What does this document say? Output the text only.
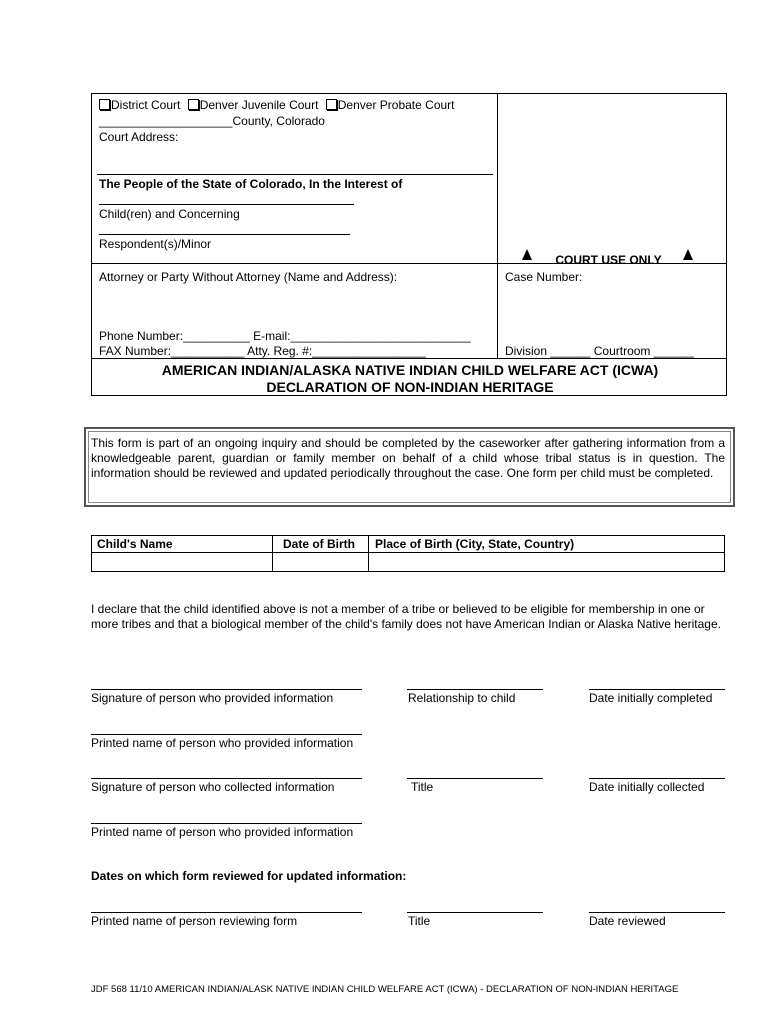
District Court Denver Juvenile Court Denver Probate Court
____________________County, Colorado
Court Address:
The People of the State of Colorado, In the Interest of
Child(ren) and Concerning
Respondent(s)/Minor
COURT USE ONLY
Attorney or Party Without Attorney (Name and Address):	Case Number:
Phone Number:__________ E-mail:___________________________
FAX Number:___________ Atty. Reg. #:_________________	Division ______ Courtroom ______
AMERICAN INDIAN/ALASKA NATIVE INDIAN CHILD WELFARE ACT (ICWA)
DECLARATION OF NON-INDIAN HERITAGE
This form is part of an ongoing inquiry and should be completed by the caseworker after gathering information from a knowledgeable parent, guardian or family member on behalf of a child whose tribal status is in question. The information should be reviewed and updated periodically throughout the case. One form per child must be completed.
Child's Name	Date of Birth	Place of Birth (City, State, Country)
I declare that the child identified above is not a member of a tribe or believed to be eligible for membership in one or more tribes and that a biological member of the child's family does not have American Indian or Alaska Native heritage.
Signature of person who provided information	Relationship to child	Date initially completed
Printed name of person who provided information
Signature of person who collected information	Title	Date initially collected
Printed name of person who provided information
Dates on which form reviewed for updated information:
Printed name of person reviewing form	Title	Date reviewed
JDF 568 11/10 AMERICAN INDIAN/ALASK NATIVE INDIAN CHILD WELFARE ACT (ICWA) - DECLARATION OF NON-INDIAN HERITAGE
